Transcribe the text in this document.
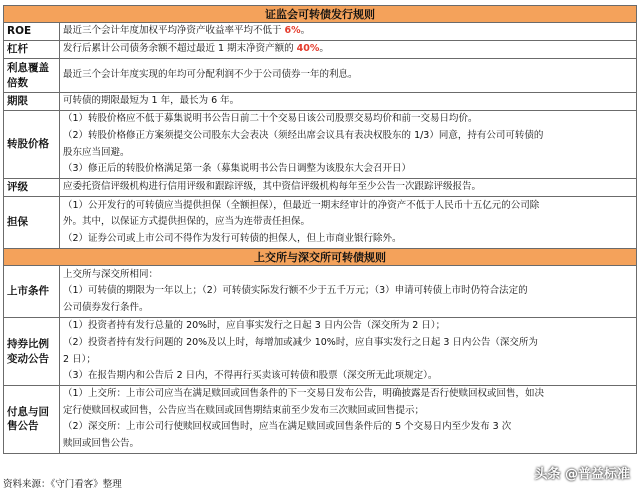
证监会可转债发行规则	
ROE	最近三个会计年度加权平均净资产收益率平均不低于 6%。
杠杆	发行后累计公司债务余额不超过最近 1 期末净资产额的 40%。
利息覆盖倍数	最近三个会计年度实现的年均可分配利润不少于公司债券一年的利息。
期限	可转债的期限最短为 1 年，最长为 6 年。
转股价格	（1）转股价格应不低于募集说明书公告日前二十个交易日该公司股票交易均价和前一交易日均价。
（2）转股价格修正方案须提交公司股东大会表决（须经出席会议具有表决权股东的 1/3）同意，持有公司可转债的
股东应当回避。
（3）修正后的转股价格满足第一条（募集说明书公告日调整为该股东大会召开日）

评级	应委托资信评级机构进行信用评级和跟踪评级，其中资信评级机构每年至少公告一次跟踪评级报告。
担保	（1）公开发行的可转债应当提供担保（全额担保），但最近一期末经审计的净资产不低于人民币十五亿元的公司除
外。其中，以保证方式提供担保的，应当为连带责任担保。
（2）证券公司或上市公司不得作为发行可转债的担保人，但上市商业银行除外。

上交所与深交所可转债规则	
上市条件	上交所与深交所相同：
（1）可转债的期限为一年以上；（2）可转债实际发行额不少于五千万元；（3）申请可转债上市时仍符合法定的
公司债券发行条件。

持券比例变动公告	（1）投资者持有发行总量的 20%时，应自事实发行之日起 3 日内公告（深交所为 2 日）；
（2）投资者持有发行问题的 20%及以上时，每增加或减少 10%时，应自事实发行之日起 3 日内公告（深交所为
2 日）；
（3）在报告期内和公告后 2 日内，不得再行买卖该可转债和股票（深交所无此项规定）。

付息与回售公告	（1）上交所：上市公司应当在满足赎回或回售条件的下一交易日发布公告，明确披露是否行使赎回权或回售，如决
定行使赎回权或回售，公告应当在赎回或回售期结束前至少发布三次赎回或回售提示；
（2）深交所：上市公司行使赎回权或回售时，应当在满足赎回或回售条件后的 5 个交易日内至少发布 3 次
赎回或回售公告。
资料来源：《守门看客》整理
头条 @普益标准
